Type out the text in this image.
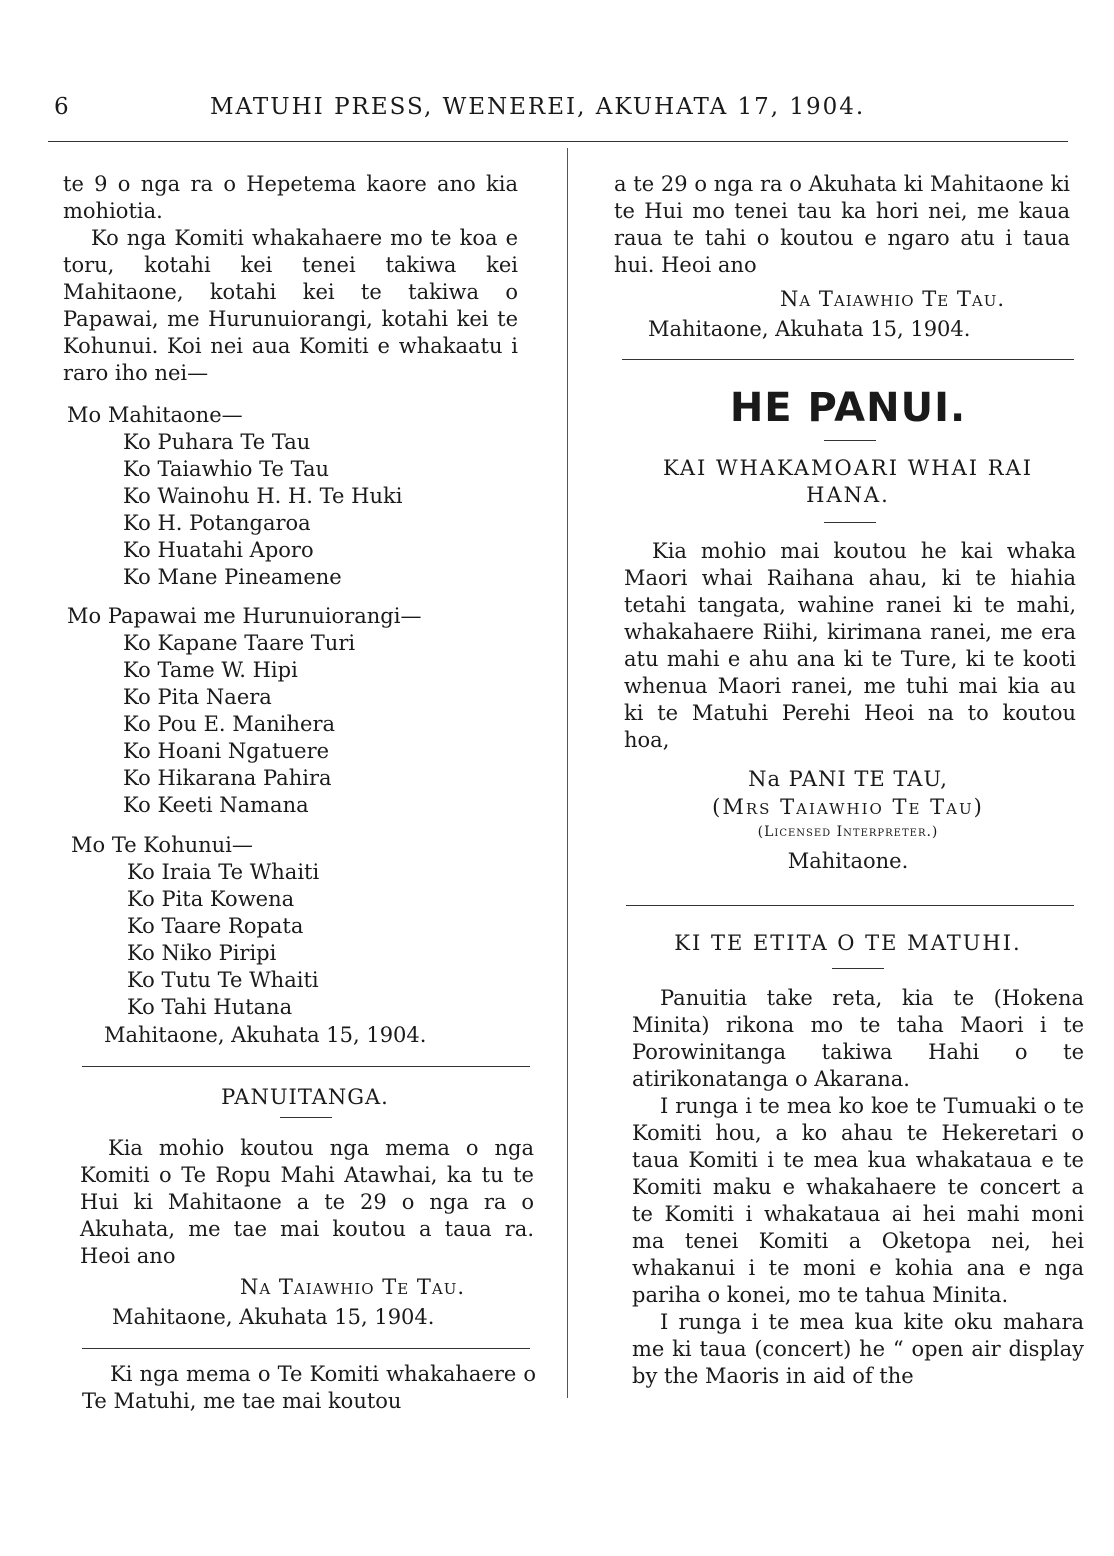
6	MATUHI PRESS, WENEREI, AKUHATA 17, 1904.

te 9 o nga ra o Hepetema kaore ano kia mohiotia.

Ko nga Komiti whakahaere mo te koa e toru, kotahi kei tenei takiwa kei Mahitaone, kotahi kei te takiwa o Papawai, me Hurunuiorangi, kotahi kei te Kohunui. Koi nei aua Komiti e whakaatu i raro iho nei—

Mo Mahitaone—

Ko Puhara Te Tau

Ko Taiawhio Te Tau

Ko Wainohu H. H. Te Huki

Ko H. Potangaroa

Ko Huatahi Aporo

Ko Mane Pineamene

Mo Papawai me Hurunuiorangi—

Ko Kapane Taare Turi

Ko Tame W. Hipi

Ko Pita Naera

Ko Pou E. Manihera

Ko Hoani Ngatuere

Ko Hikarana Pahira

Ko Keeti Namana

Mo Te Kohunui—

Ko Iraia Te Whaiti

Ko Pita Kowena

Ko Taare Ropata

Ko Niko Piripi

Ko Tutu Te Whaiti

Ko Tahi Hutana

Mahitaone, Akuhata 15, 1904.
PANUITANGA.

Kia mohio koutou nga mema o nga Komiti o Te Ropu Mahi Atawhai, ka tu te Hui ki Mahitaone a te 29 o nga ra o Akuhata, me tae mai koutou a taua ra. Heoi ano

Na Taiawhio Te Tau.
Mahitaone, Akuhata 15, 1904.

Ki nga mema o Te Komiti whakahaere o Te Matuhi, me tae mai koutou

a te 29 o nga ra o Akuhata ki Mahitaone ki te Hui mo tenei tau ka hori nei, me kaua raua te tahi o koutou e ngaro atu i taua hui. Heoi ano

Na Taiawhio Te Tau.
Mahitaone, Akuhata 15, 1904.
HE PANUI.
KAI WHAKAMOARI WHAI RAI HANA.

Kia mohio mai koutou he kai whaka Maori whai Raihana ahau, ki te hiahia tetahi tangata, wahine ranei ki te mahi, whakahaere Riihi, kirimana ranei, me era atu mahi e ahu ana ki te Ture, ki te kooti whenua Maori ranei, me tuhi mai kia au ki te Matuhi Perehi Heoi na to koutou hoa,

Na PANI TE TAU,
(Mrs Taiawhio Te Tau)
(Licensed Interpreter.)
Mahitaone.
KI TE ETITA O TE MATUHI.

Panuitia take reta, kia te (Hokena Minita) rikona mo te taha Maori i te Porowinitanga takiwa Hahi o te atirikonatanga o Akarana.

I runga i te mea ko koe te Tumuaki o te Komiti hou, a ko ahau te Hekeretari o taua Komiti i te mea kua whakataua e te Komiti maku e whakahaere te concert a te Komiti i whakataua ai hei mahi moni ma tenei Komiti a Oketopa nei, hei whakanui i te moni e kohia ana e nga pariha o konei, mo te tahua Minita.

I runga i te mea kua kite oku mahara me ki taua (concert) he “ open air display by the Maoris in aid of the
